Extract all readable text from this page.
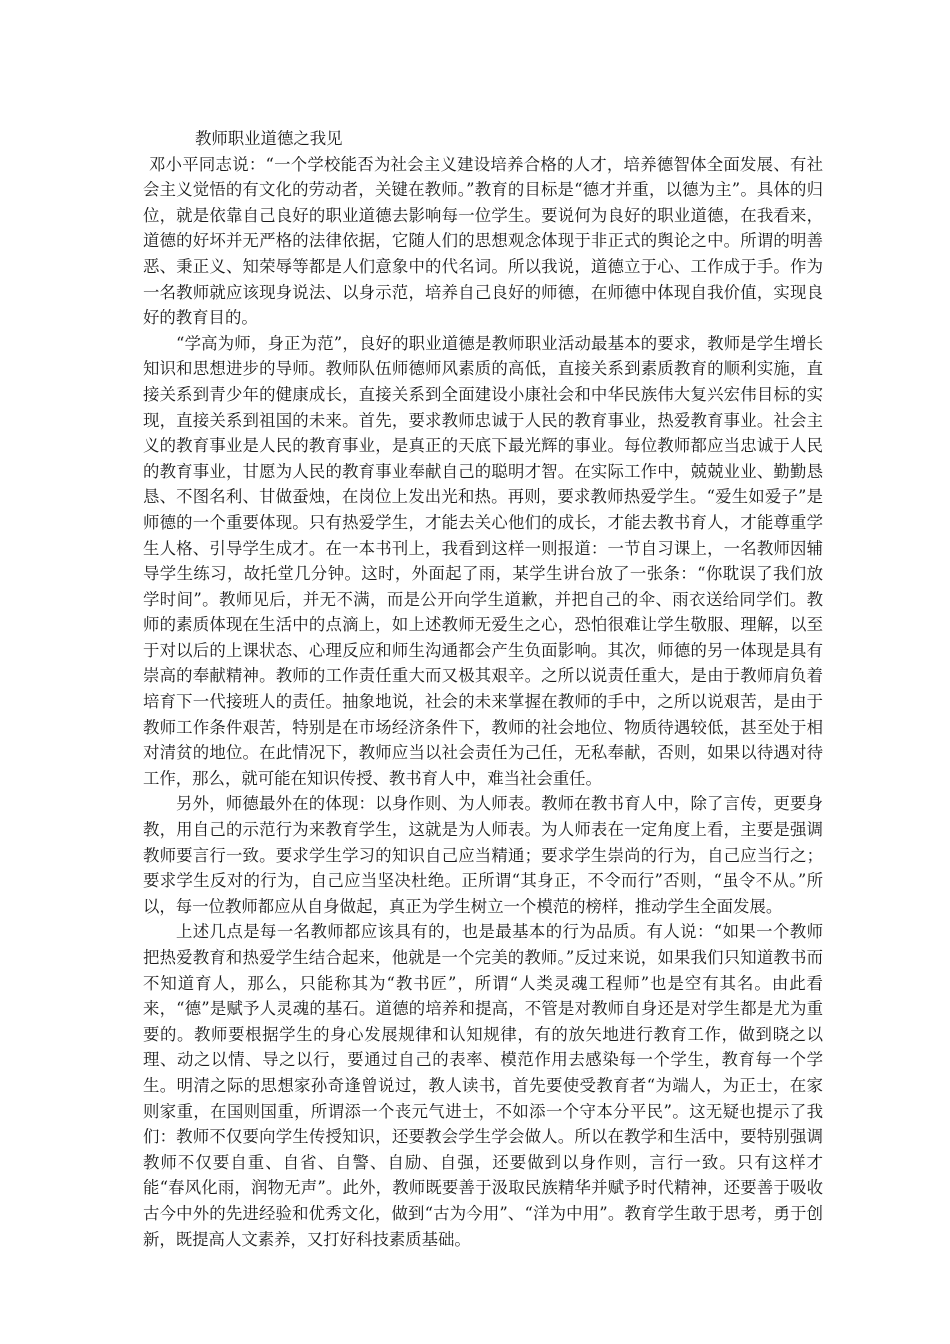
教师职业道德之我见

邓小平同志说：“一个学校能否为社会主义建设培养合格的人才，培养德智体全面发展、有社会主义觉悟的有文化的劳动者，关键在教师。”教育的目标是“德才并重，以德为主”。具体的归位，就是依靠自己良好的职业道德去影响每一位学生。要说何为良好的职业道德，在我看来，道德的好坏并无严格的法律依据，它随人们的思想观念体现于非正式的舆论之中。所谓的明善恶、秉正义、知荣辱等都是人们意象中的代名词。所以我说，道德立于心、工作成于手。作为一名教师就应该现身说法、以身示范，培养自己良好的师德，在师德中体现自我价值，实现良好的教育目的。

“学高为师，身正为范”，良好的职业道德是教师职业活动最基本的要求，教师是学生增长知识和思想进步的导师。教师队伍师德师风素质的高低，直接关系到素质教育的顺利实施，直接关系到青少年的健康成长，直接关系到全面建设小康社会和中华民族伟大复兴宏伟目标的实现，直接关系到祖国的未来。首先，要求教师忠诚于人民的教育事业，热爱教育事业。社会主义的教育事业是人民的教育事业，是真正的天底下最光辉的事业。每位教师都应当忠诚于人民的教育事业，甘愿为人民的教育事业奉献自己的聪明才智。在实际工作中，兢兢业业、勤勤恳恳、不图名利、甘做蚕烛，在岗位上发出光和热。再则，要求教师热爱学生。“爱生如爱子”是师德的一个重要体现。只有热爱学生，才能去关心他们的成长，才能去教书育人，才能尊重学生人格、引导学生成才。在一本书刊上，我看到这样一则报道：一节自习课上，一名教师因辅导学生练习，故托堂几分钟。这时，外面起了雨，某学生讲台放了一张条：“你耽误了我们放学时间”。教师见后，并无不满，而是公开向学生道歉，并把自己的伞、雨衣送给同学们。教师的素质体现在生活中的点滴上，如上述教师无爱生之心，恐怕很难让学生敬服、理解，以至于对以后的上课状态、心理反应和师生沟通都会产生负面影响。其次，师德的另一体现是具有崇高的奉献精神。教师的工作责任重大而又极其艰辛。之所以说责任重大，是由于教师肩负着培育下一代接班人的责任。抽象地说，社会的未来掌握在教师的手中，之所以说艰苦，是由于教师工作条件艰苦，特别是在市场经济条件下，教师的社会地位、物质待遇较低，甚至处于相对清贫的地位。在此情况下，教师应当以社会责任为己任，无私奉献，否则，如果以待遇对待工作，那么，就可能在知识传授、教书育人中，难当社会重任。

另外，师德最外在的体现：以身作则、为人师表。教师在教书育人中，除了言传，更要身教，用自己的示范行为来教育学生，这就是为人师表。为人师表在一定角度上看，主要是强调教师要言行一致。要求学生学习的知识自己应当精通；要求学生崇尚的行为，自己应当行之；要求学生反对的行为，自己应当坚决杜绝。正所谓“其身正，不令而行”否则，“虽令不从。”所以，每一位教师都应从自身做起，真正为学生树立一个模范的榜样，推动学生全面发展。

上述几点是每一名教师都应该具有的，也是最基本的行为品质。有人说：“如果一个教师把热爱教育和热爱学生结合起来，他就是一个完美的教师。”反过来说，如果我们只知道教书而不知道育人，那么，只能称其为“教书匠”，所谓“人类灵魂工程师”也是空有其名。由此看来，“德”是赋予人灵魂的基石。道德的培养和提高，不管是对教师自身还是对学生都是尤为重要的。教师要根据学生的身心发展规律和认知规律，有的放矢地进行教育工作，做到晓之以理、动之以情、导之以行，要通过自己的表率、模范作用去感染每一个学生，教育每一个学生。明清之际的思想家孙奇逢曾说过，教人读书，首先要使受教育者“为端人，为正士，在家则家重，在国则国重，所谓添一个丧元气进士，不如添一个守本分平民”。这无疑也提示了我们：教师不仅要向学生传授知识，还要教会学生学会做人。所以在教学和生活中，要特别强调教师不仅要自重、自省、自警、自励、自强，还要做到以身作则，言行一致。只有这样才能“春风化雨，润物无声”。此外，教师既要善于汲取民族精华并赋予时代精神，还要善于吸收古今中外的先进经验和优秀文化，做到“古为今用”、“洋为中用”。教育学生敢于思考，勇于创新，既提高人文素养，又打好科技素质基础。
